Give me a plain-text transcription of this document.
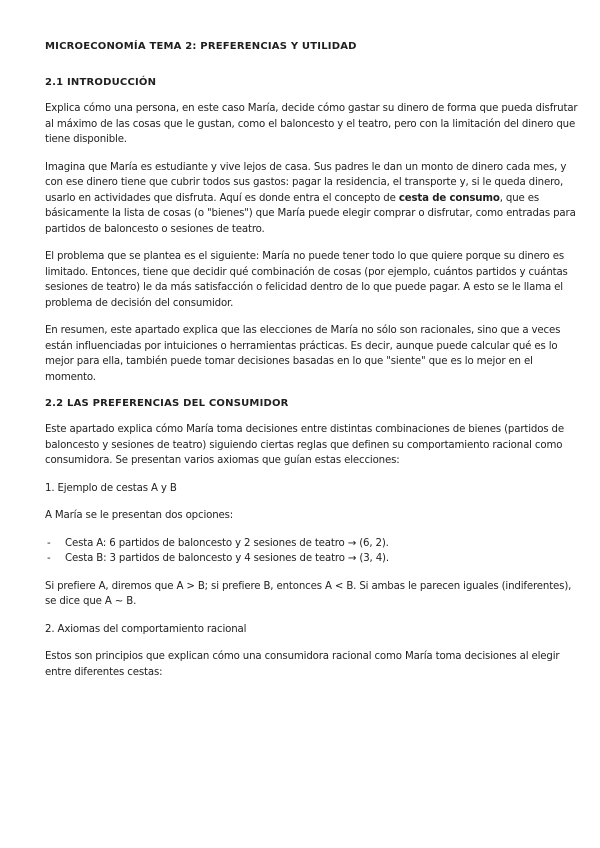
MICROECONOMÍA TEMA 2: PREFERENCIAS Y UTILIDAD
2.1 INTRODUCCIÓN

Explica cómo una persona, en este caso María, decide cómo gastar su dinero de forma que pueda disfrutar al máximo de las cosas que le gustan, como el baloncesto y el teatro, pero con la limitación del dinero que tiene disponible.

Imagina que María es estudiante y vive lejos de casa. Sus padres le dan un monto de dinero cada mes, y con ese dinero tiene que cubrir todos sus gastos: pagar la residencia, el transporte y, si le queda dinero, usarlo en actividades que disfruta. Aquí es donde entra el concepto de cesta de consumo, que es básicamente la lista de cosas (o "bienes") que María puede elegir comprar o disfrutar, como entradas para partidos de baloncesto o sesiones de teatro.

El problema que se plantea es el siguiente: María no puede tener todo lo que quiere porque su dinero es limitado. Entonces, tiene que decidir qué combinación de cosas (por ejemplo, cuántos partidos y cuántas sesiones de teatro) le da más satisfacción o felicidad dentro de lo que puede pagar. A esto se le llama el problema de decisión del consumidor.

En resumen, este apartado explica que las elecciones de María no sólo son racionales, sino que a veces están influenciadas por intuiciones o herramientas prácticas. Es decir, aunque puede calcular qué es lo mejor para ella, también puede tomar decisiones basadas en lo que "siente" que es lo mejor en el momento.

2.2 LAS PREFERENCIAS DEL CONSUMIDOR

Este apartado explica cómo María toma decisiones entre distintas combinaciones de bienes (partidos de baloncesto y sesiones de teatro) siguiendo ciertas reglas que definen su comportamiento racional como consumidora. Se presentan varios axiomas que guían estas elecciones:

1. Ejemplo de cestas A y B

A María se le presentan dos opciones:

- Cesta A: 6 partidos de baloncesto y 2 sesiones de teatro → (6, 2).
- Cesta B: 3 partidos de baloncesto y 4 sesiones de teatro → (3, 4).

Si prefiere A, diremos que A > B; si prefiere B, entonces A < B. Si ambas le parecen iguales (indiferentes), se dice que A ~ B.

2. Axiomas del comportamiento racional

Estos son principios que explican cómo una consumidora racional como María toma decisiones al elegir entre diferentes cestas:
